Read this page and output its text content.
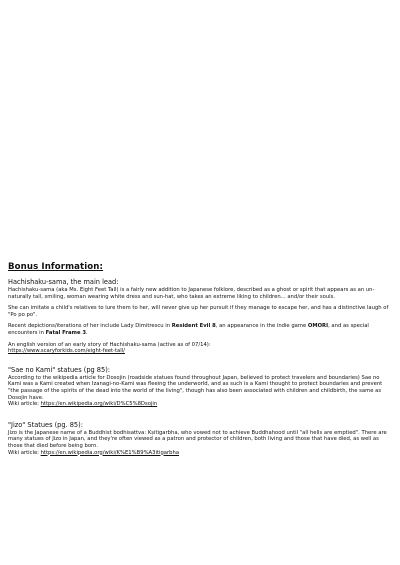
Bonus Information:
Hachishaku-sama, the main lead:
Hachishaku-sama (aka Ms. Eight Feet Tall) is a fairly new addition to Japanese folklore, described as a ghost or spirit that appears as an un-naturally tall, smiling, woman wearing white dress and sun-hat, who takes an extreme liking to children... and/or their souls.
She can imitate a child's relatives to lure them to her, will never give up her pursuit if they manage to escape her, and has a distinctive laugh of "Po po po".
Recent depictions/iterations of her include Lady Dimitrescu in Resident Evil 8, an appearance in the indie game OMORI, and as special encounters in Fatal Frame 3.
An english version of an early story of Hachishaku-sama (active as of 07/14):
https://www.scaryforkids.com/eight-feet-tall/
"Sae no Kami" statues (pg 85):
According to the wikipedia article for Dosojin (roadside statues found throughout Japan, believed to protect travelers and boundaries) Sae no Kami was a Kami created when Izanagi-no-Kami was fleeing the underworld, and as such is a Kami thought to protect boundaries and prevent "the passage of the spirits of the dead into the world of the living", though has also been associated with children and childbirth, the same as Dosojin have.
Wiki article: https://en.wikipedia.org/wiki/D%C5%8Dsojin
"Jizo" Statues (pg. 85):
Jizo is the Japanese name of a Buddhist bodhisattva: Kṣitigarbha, who vowed not to achieve Buddhahood until "all hells are emptied". There are many statues of Jizo in Japan, and they're often viewed as a patron and protector of children, both living and those that have died, as well as those that died before being born.
Wiki article: https://en.wikipedia.org/wiki/K%E1%B9%A3itigarbha
